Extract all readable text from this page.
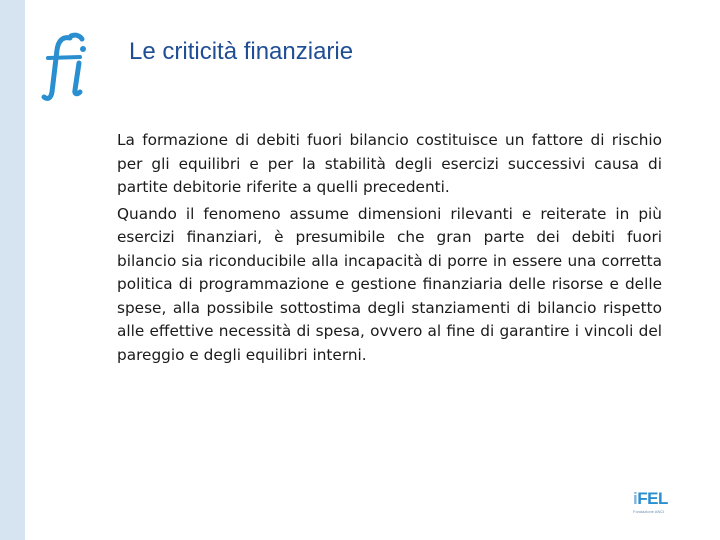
Le criticità finanziarie

La formazione di debiti fuori bilancio costituisce un fattore di rischio per gli equilibri e per la stabilità degli esercizi successivi causa di partite debitorie riferite a quelli precedenti.

Quando il fenomeno assume dimensioni rilevanti e reiterate in più esercizi finanziari, è presumibile che gran parte dei debiti fuori bilancio sia riconducibile alla incapacità di porre in essere una corretta politica di programmazione e gestione finanziaria delle risorse e delle spese, alla possibile sottostima degli stanziamenti di bilancio rispetto alle effettive necessità di spesa, ovvero al fine di garantire i vincoli del pareggio e degli equilibri interni.

iFEL
Fondazione ANCI
